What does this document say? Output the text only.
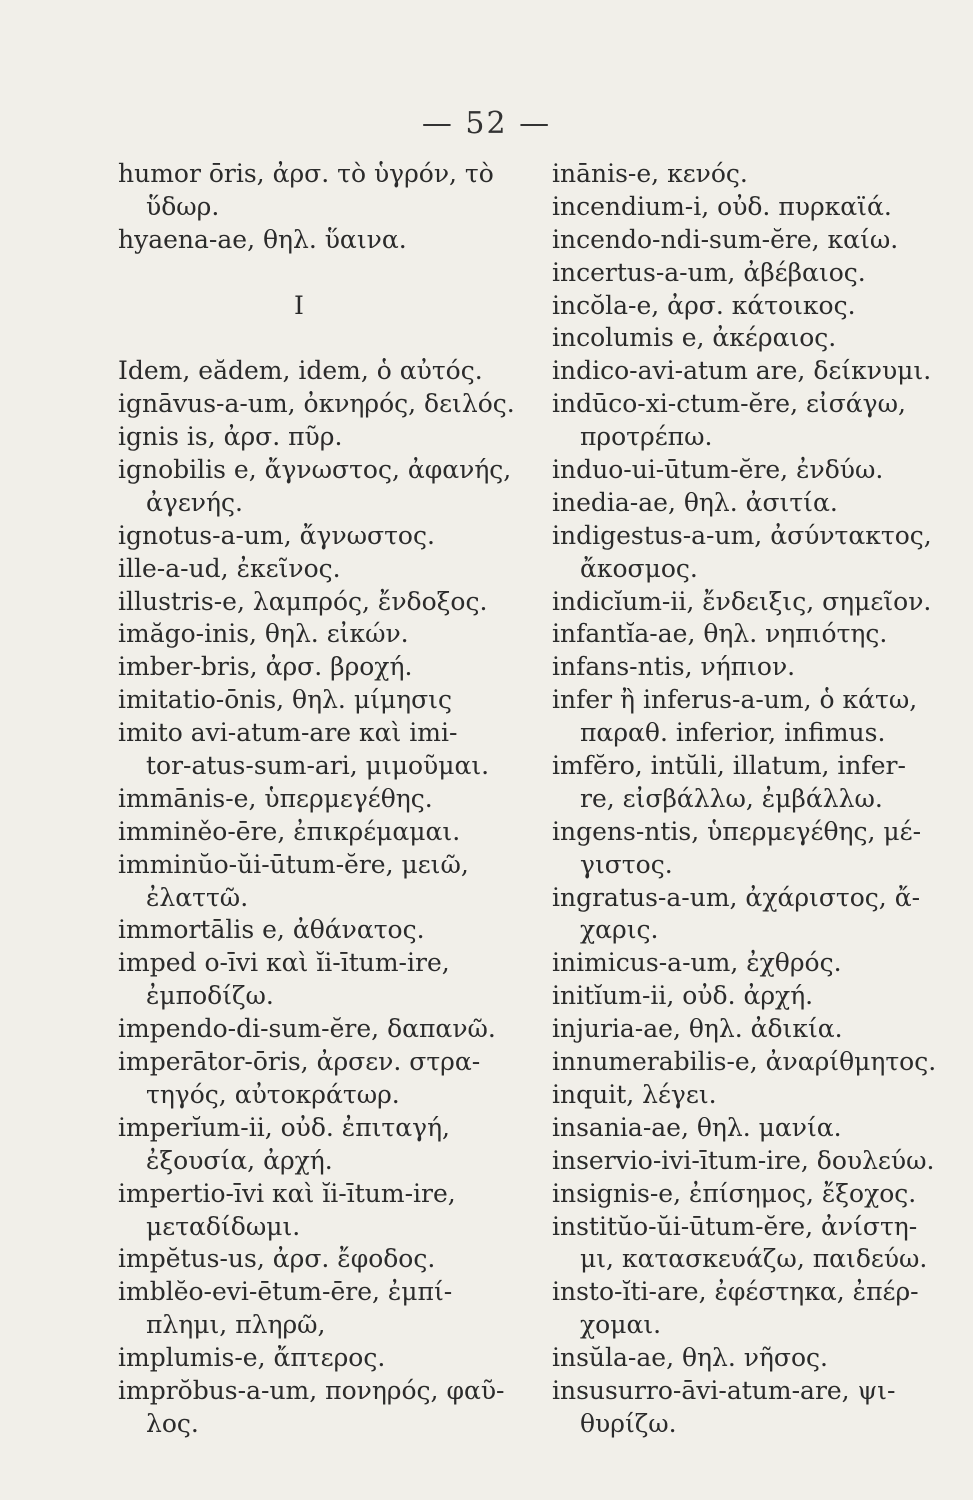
— 52 —
humor ōris, ἀρσ. τὸ ὑγρόν, τὸ
ὕδωρ.
hyaena-ae, θηλ. ὕαινα.
I
Idem, eădem, idem, ὁ αὐτός.
ignāvus-a-um, ὀκνηρός, δειλός.
ignis is, ἀρσ. πῦρ.
ignobilis e, ἄγνωστος, ἀφανής,
ἀγενής.
ignotus-a-um, ἄγνωστος.
ille-a-ud, ἐκεῖνος.
illustris-e, λαμπρός, ἔνδοξος.
imăgo-inis, θηλ. εἰκών.
imber-bris, ἀρσ. βροχή.
imitatio-ōnis, θηλ. μίμησις
imito avi-atum-are καὶ imi-
tor-atus-sum-ari, μιμοῦμαι.
immānis-e, ὑπερμεγέθης.
imminěo-ēre, ἐπικρέμαμαι.
imminŭo-ŭi-ūtum-ĕre, μειῶ,
ἐλαττῶ.
immortālis e, ἀθάνατος.
imped o-īvi καὶ ĭi-ītum-ire,
ἐμποδίζω.
impendo-di-sum-ĕre, δαπανῶ.
imperātor-ōris, ἀρσεν. στρα-
τηγός, αὐτοκράτωρ.
imperĭum-ii, οὐδ. ἐπιταγή,
ἐξουσία, ἀρχή.
impertio-īvi καὶ ĭi-ītum-ire,
μεταδίδωμι.
impĕtus-us, ἀρσ. ἔφοδος.
imblĕo-evi-ētum-ēre, ἐμπί-
πλημι, πληρῶ,
implumis-e, ἄπτερος.
imprŏbus-a-um, πονηρός, φαῦ-
λος.
inānis-e, κενός.
incendium-i, οὐδ. πυρκαϊά.
incendo-ndi-sum-ĕre, καίω.
incertus-a-um, ἀβέβαιος.
incŏla-e, ἀρσ. κάτοικος.
incolumis e, ἀκέραιος.
indico-avi-atum are, δείκνυμι.
indūco-xi-ctum-ĕre, εἰσάγω,
προτρέπω.
induo-ui-ūtum-ĕre, ἐνδύω.
inedia-ae, θηλ. ἀσιτία.
indigestus-a-um, ἀσύντακτος,
ἄκοσμος.
indicĭum-ii, ἔνδειξις, σημεῖον.
infantĭa-ae, θηλ. νηπιότης.
infans-ntis, νήπιον.
infer ἢ inferus-a-um, ὁ κάτω,
παραθ. inferior, infimus.
imfĕro, intŭli, illatum, infer-
re, εἰσβάλλω, ἐμβάλλω.
ingens-ntis, ὑπερμεγέθης, μέ-
γιστος.
ingratus-a-um, ἀχάριστος, ἄ-
χαρις.
inimicus-a-um, ἐχθρός.
initĭum-ii, οὐδ. ἀρχή.
injuria-ae, θηλ. ἀδικία.
innumerabilis-e, ἀναρίθμητος.
inquit, λέγει.
insania-ae, θηλ. μανία.
inservio-ivi-ītum-ire, δουλεύω.
insignis-e, ἐπίσημος, ἔξοχος.
institŭo-ŭi-ūtum-ĕre, ἀνίστη-
μι, κατασκευάζω, παιδεύω.
insto-ĭti-are, ἐφέστηκα, ἐπέρ-
χομαι.
insŭla-ae, θηλ. νῆσος.
insusurro-āvi-atum-are, ψι-
θυρίζω.
